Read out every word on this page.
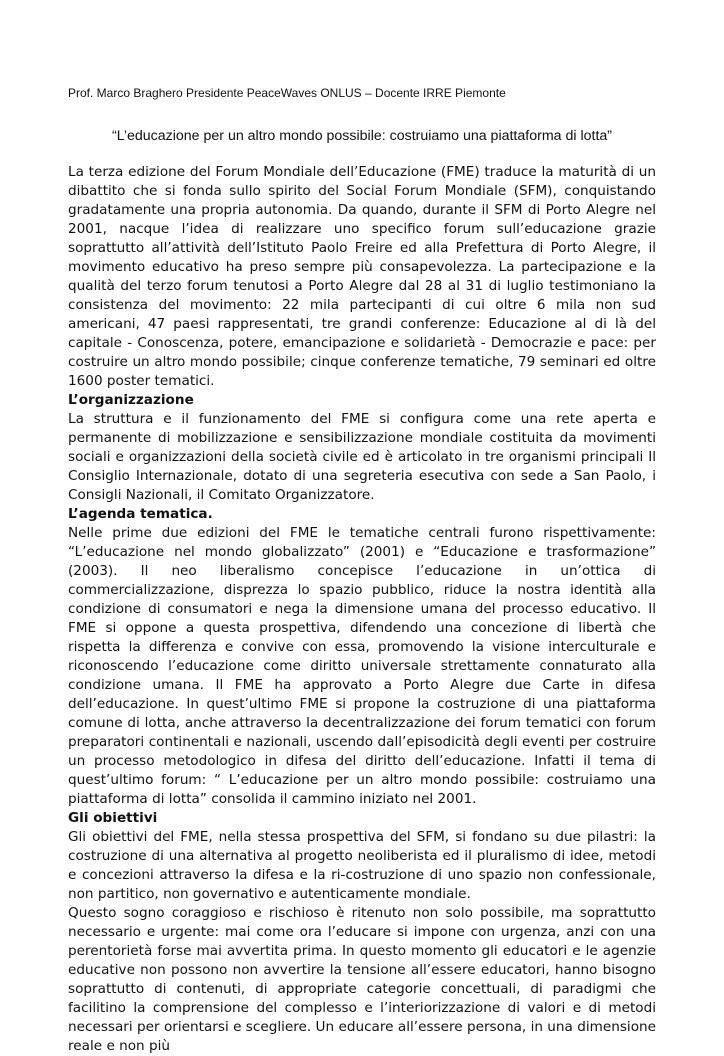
Prof. Marco Braghero Presidente PeaceWaves ONLUS – Docente IRRE Piemonte
“L’educazione per un altro mondo possibile: costruiamo una piattaforma di lotta”

La terza edizione del Forum Mondiale dell’Educazione (FME) traduce la maturità di un dibattito che si fonda sullo spirito del Social Forum Mondiale (SFM), conquistando gradatamente una propria autonomia. Da quando, durante il SFM di Porto Alegre nel 2001, nacque l’idea di realizzare uno specifico forum sull’educazione grazie soprattutto all’attività dell’Istituto Paolo Freire ed alla Prefettura di Porto Alegre, il movimento educativo ha preso sempre più consapevolezza. La partecipazione e la qualità del terzo forum tenutosi a Porto Alegre dal 28 al 31 di luglio testimoniano la consistenza del movimento: 22 mila partecipanti di cui oltre 6 mila non sud americani, 47 paesi rappresentati, tre grandi conferenze: Educazione al di là del capitale - Conoscenza, potere, emancipazione e solidarietà - Democrazie e pace: per costruire un altro mondo possibile; cinque conferenze tematiche, 79 seminari ed oltre 1600 poster tematici.

L’organizzazione

La struttura e il funzionamento del FME si configura come una rete aperta e permanente di mobilizzazione e sensibilizzazione mondiale costituita da movimenti sociali e organizzazioni della società civile ed è articolato in tre organismi principali Il Consiglio Internazionale, dotato di una segreteria esecutiva con sede a San Paolo, i Consigli Nazionali, il Comitato Organizzatore.

L’agenda tematica.

Nelle prime due edizioni del FME le tematiche centrali furono rispettivamente: “L’educazione nel mondo globalizzato” (2001) e “Educazione e trasformazione” (2003). Il neo liberalismo concepisce l’educazione in un’ottica di commercializzazione, disprezza lo spazio pubblico, riduce la nostra identità alla condizione di consumatori e nega la dimensione umana del processo educativo. Il FME si oppone a questa prospettiva, difendendo una concezione di libertà che rispetta la differenza e convive con essa, promovendo la visione interculturale e riconoscendo l’educazione come diritto universale strettamente connaturato alla condizione umana. Il FME ha approvato a Porto Alegre due Carte in difesa dell’educazione. In quest’ultimo FME si propone la costruzione di una piattaforma comune di lotta, anche attraverso la decentralizzazione dei forum tematici con forum preparatori continentali e nazionali, uscendo dall’episodicità degli eventi per costruire un processo metodologico in difesa del diritto dell’educazione. Infatti il tema di quest’ultimo forum: “ L’educazione per un altro mondo possibile: costruiamo una piattaforma di lotta” consolida il cammino iniziato nel 2001.

Gli obiettivi

Gli obiettivi del FME, nella stessa prospettiva del SFM, si fondano su due pilastri: la costruzione di una alternativa al progetto neoliberista ed il pluralismo di idee, metodi e concezioni attraverso la difesa e la ri-costruzione di uno spazio non confessionale, non partitico, non governativo e autenticamente mondiale.

Questo sogno coraggioso e rischioso è ritenuto non solo possibile, ma soprattutto necessario e urgente: mai come ora l’educare si impone con urgenza, anzi con una perentorietà forse mai avvertita prima. In questo momento gli educatori e le agenzie educative non possono non avvertire la tensione all’essere educatori, hanno bisogno soprattutto di contenuti, di appropriate categorie concettuali, di paradigmi che facilitino la comprensione del complesso e l’interiorizzazione di valori e di metodi necessari per orientarsi e scegliere. Un educare all’essere persona, in una dimensione reale e non più
